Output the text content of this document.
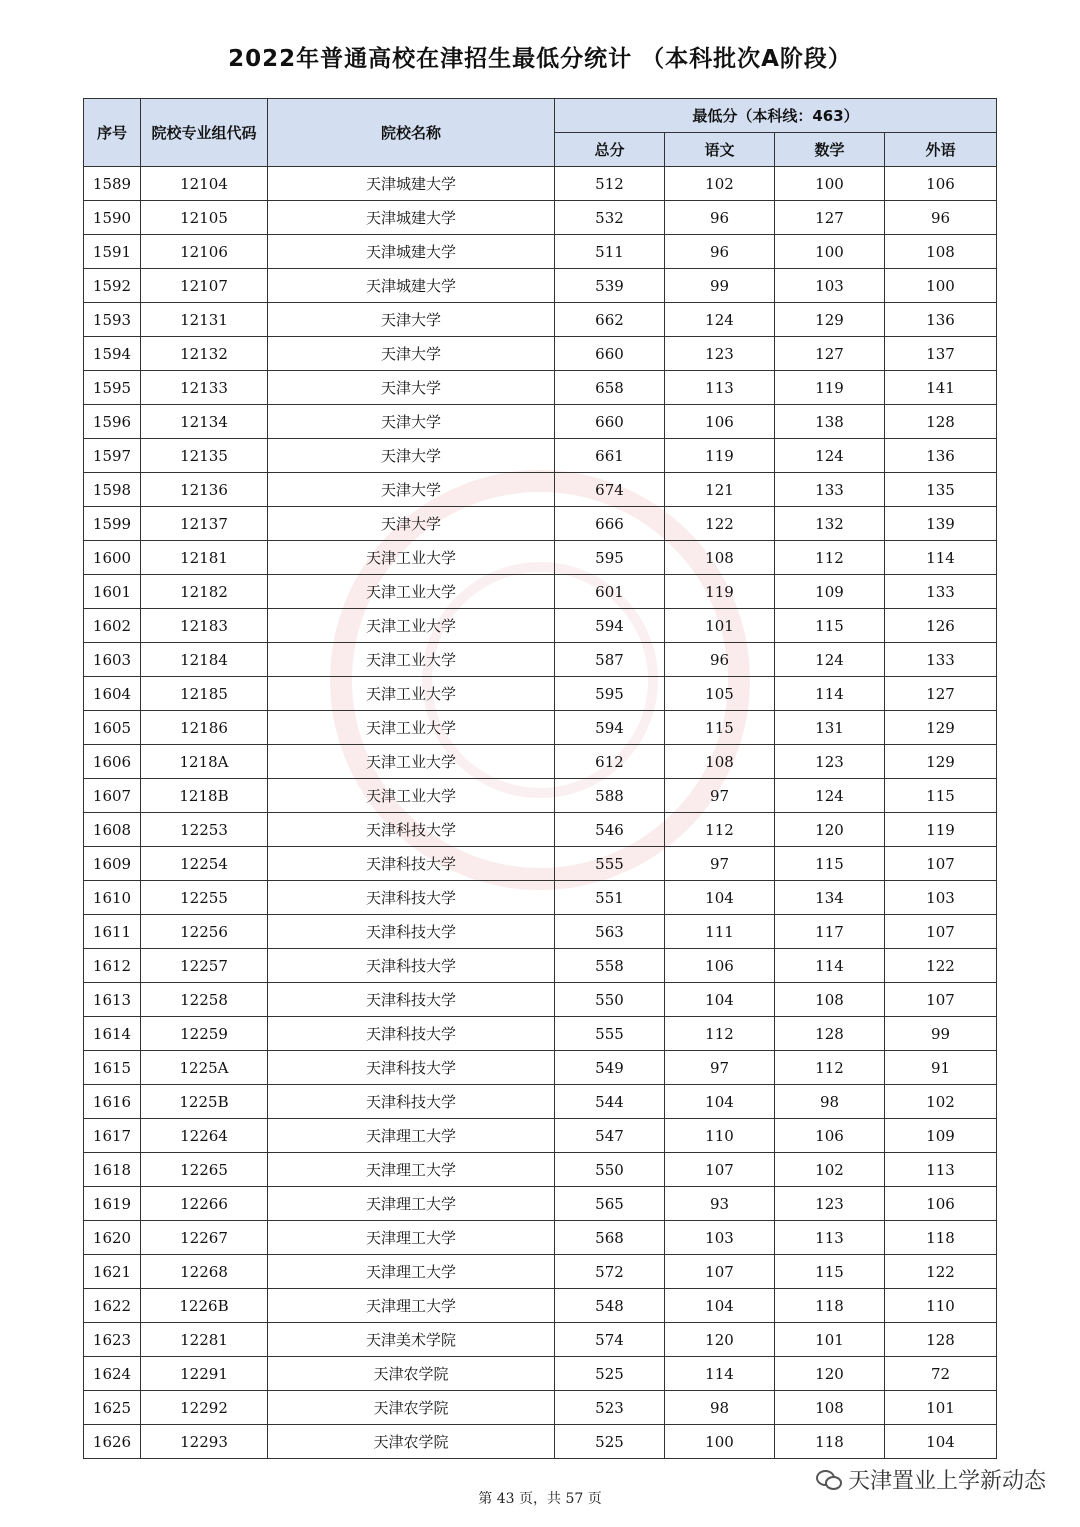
2022年普通高校在津招生最低分统计 （本科批次A阶段）
序号	院校专业组代码	院校名称	最低分（本科线：463）			
			总分	语文	数学	外语
1589	12104	天津城建大学	512	102	100	106
1590	12105	天津城建大学	532	96	127	96
1591	12106	天津城建大学	511	96	100	108
1592	12107	天津城建大学	539	99	103	100
1593	12131	天津大学	662	124	129	136
1594	12132	天津大学	660	123	127	137
1595	12133	天津大学	658	113	119	141
1596	12134	天津大学	660	106	138	128
1597	12135	天津大学	661	119	124	136
1598	12136	天津大学	674	121	133	135
1599	12137	天津大学	666	122	132	139
1600	12181	天津工业大学	595	108	112	114
1601	12182	天津工业大学	601	119	109	133
1602	12183	天津工业大学	594	101	115	126
1603	12184	天津工业大学	587	96	124	133
1604	12185	天津工业大学	595	105	114	127
1605	12186	天津工业大学	594	115	131	129
1606	1218A	天津工业大学	612	108	123	129
1607	1218B	天津工业大学	588	97	124	115
1608	12253	天津科技大学	546	112	120	119
1609	12254	天津科技大学	555	97	115	107
1610	12255	天津科技大学	551	104	134	103
1611	12256	天津科技大学	563	111	117	107
1612	12257	天津科技大学	558	106	114	122
1613	12258	天津科技大学	550	104	108	107
1614	12259	天津科技大学	555	112	128	99
1615	1225A	天津科技大学	549	97	112	91
1616	1225B	天津科技大学	544	104	98	102
1617	12264	天津理工大学	547	110	106	109
1618	12265	天津理工大学	550	107	102	113
1619	12266	天津理工大学	565	93	123	106
1620	12267	天津理工大学	568	103	113	118
1621	12268	天津理工大学	572	107	115	122
1622	1226B	天津理工大学	548	104	118	110
1623	12281	天津美术学院	574	120	101	128
1624	12291	天津农学院	525	114	120	72
1625	12292	天津农学院	523	98	108	101
1626	12293	天津农学院	525	100	118	104
第 43 页，共 57 页
天津置业上学新动态
